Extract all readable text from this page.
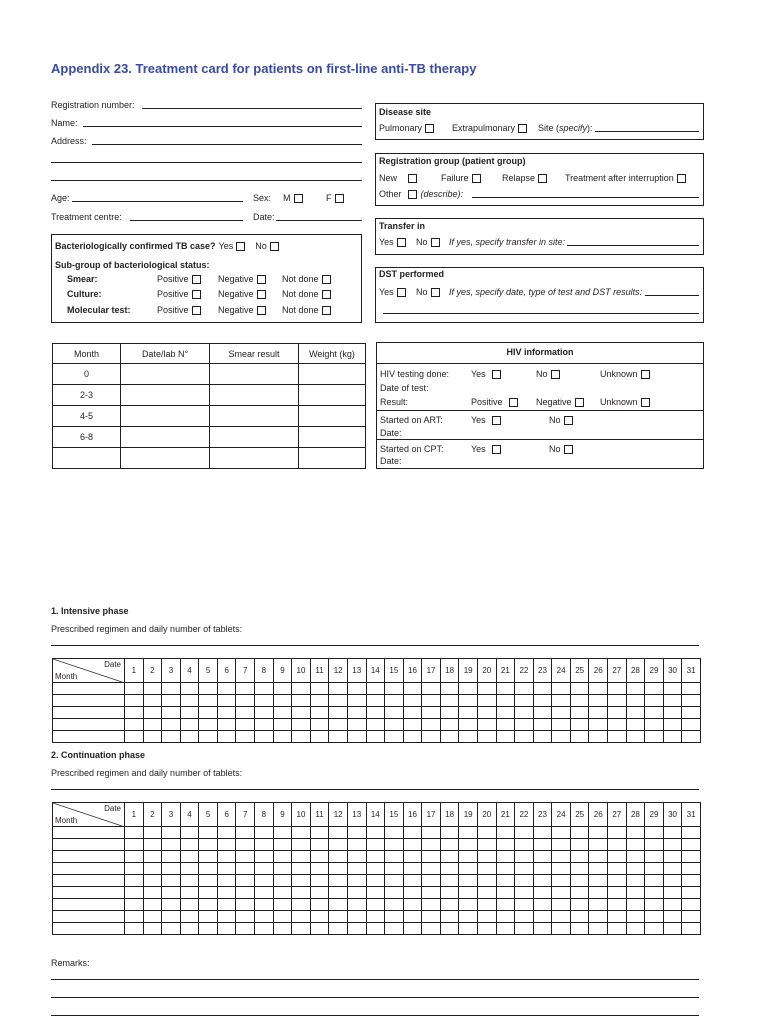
Appendix 23. Treatment card for patients on first-line anti-TB therapy
Registration number:
Name:
Address:
Age:	Sex: M	F
Treatment centre:	Date:
Bacteriologically confirmed TB case? Yes No
Sub-group of bacteriological status:
Smear:	Positive	Negative	Not done
Culture:	Positive	Negative	Not done
Molecular test:	Positive	Negative	Not done
Disease site
Pulmonary	Extrapulmonary	Site (specify):
Registration group (patient group)
New	Failure	Relapse	Treatment after interruption
Other (describe):
Transfer in
Yes	No	If yes, specify transfer in site:
DST performed
Yes	No	If yes, specify date, type of test and DST results:
Month	Date/lab N°	Smear result	Weight (kg)
0			
2-3			
4-5			
6-8			

HIV information
HIV testing done: Yes	No	Unknown
Date of test:
Result:	Positive	Negative	Unknown
Started on ART:	Yes	No
Date:
Started on CPT:	Yes	No
Date:
1. Intensive phase
Prescribed regimen and daily number of tablets:
Date
Month	1	2	3	4	5	6	7	8	9	10	11	12	13	14	15	16	17	18	19	20	21	22	23	24	25	26	27	28	29	30	31

2. Continuation phase
Prescribed regimen and daily number of tablets:
Date
Month	1	2	3	4	5	6	7	8	9	10	11	12	13	14	15	16	17	18	19	20	21	22	23	24	25	26	27	28	29	30	31

Remarks:
